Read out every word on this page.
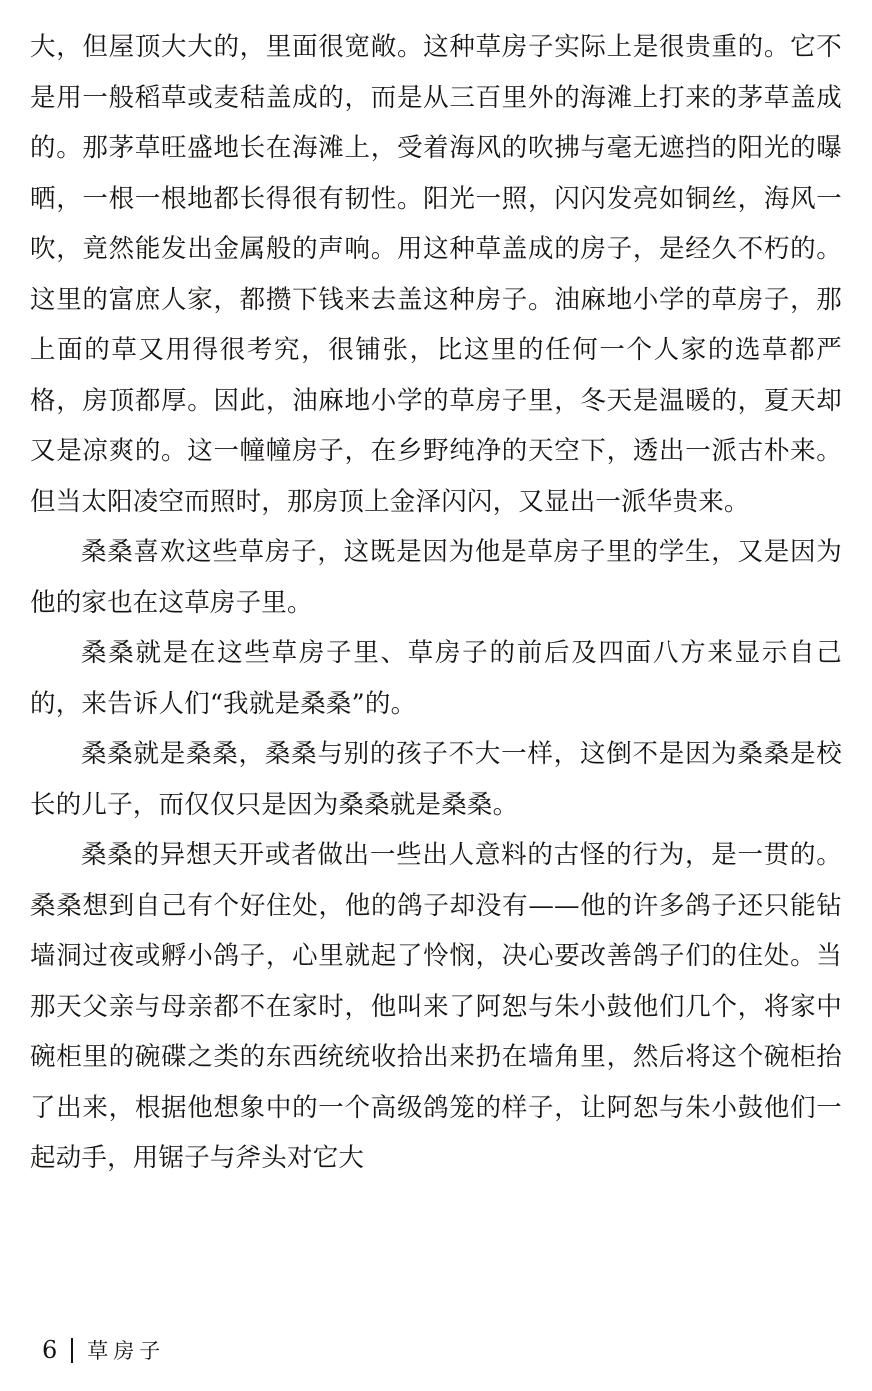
大，但屋顶大大的，里面很宽敞。这种草房子实际上是很贵重的。它不是用一般稻草或麦秸盖成的，而是从三百里外的海滩上打来的茅草盖成的。那茅草旺盛地长在海滩上，受着海风的吹拂与毫无遮挡的阳光的曝晒，一根一根地都长得很有韧性。阳光一照，闪闪发亮如铜丝，海风一吹，竟然能发出金属般的声响。用这种草盖成的房子，是经久不朽的。这里的富庶人家，都攒下钱来去盖这种房子。油麻地小学的草房子，那上面的草又用得很考究，很铺张，比这里的任何一个人家的选草都严格，房顶都厚。因此，油麻地小学的草房子里，冬天是温暖的，夏天却又是凉爽的。这一幢幢房子，在乡野纯净的天空下，透出一派古朴来。但当太阳凌空而照时，那房顶上金泽闪闪，又显出一派华贵来。

桑桑喜欢这些草房子，这既是因为他是草房子里的学生，又是因为他的家也在这草房子里。

桑桑就是在这些草房子里、草房子的前后及四面八方来显示自己的，来告诉人们“我就是桑桑”的。

桑桑就是桑桑，桑桑与别的孩子不大一样，这倒不是因为桑桑是校长的儿子，而仅仅只是因为桑桑就是桑桑。

桑桑的异想天开或者做出一些出人意料的古怪的行为，是一贯的。桑桑想到自己有个好住处，他的鸽子却没有——他的许多鸽子还只能钻墙洞过夜或孵小鸽子，心里就起了怜悯，决心要改善鸽子们的住处。当那天父亲与母亲都不在家时，他叫来了阿恕与朱小鼓他们几个，将家中碗柜里的碗碟之类的东西统统收拾出来扔在墙角里，然后将这个碗柜抬了出来，根据他想象中的一个高级鸽笼的样子，让阿恕与朱小鼓他们一起动手，用锯子与斧头对它大

6 草房子
